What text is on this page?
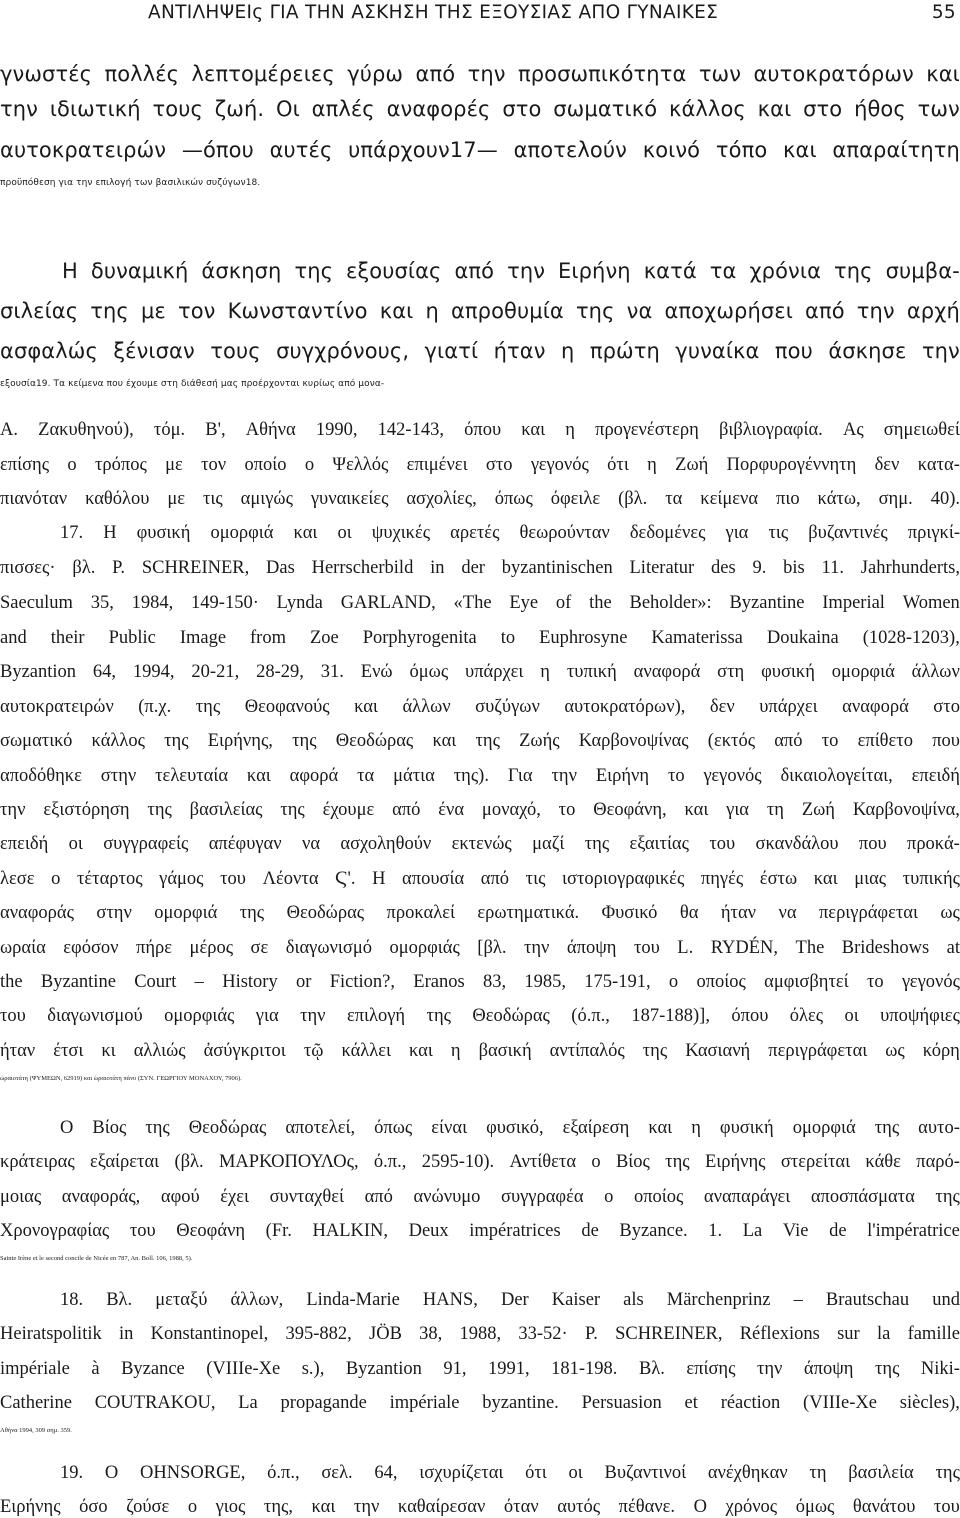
ΑΝΤΙΛΗΨΕΙς ΓΙΑ ΤΗΝ ΑΣΚΗΣΗ ΤΗΣ ΕΞΟΥΣΙΑΣ ΑΠΟ ΓΥΝΑΙΚΕΣ	55
γνωστές πολλές λεπτομέρειες γύρω από την προσωπικότητα των αυτοκρατόρων και
την ιδιωτική τους ζωή. Οι απλές αναφορές στο σωματικό κάλλος και στο ήθος των
αυτοκρατειρών —όπου αυτές υπάρχουν17— αποτελούν κοινό τόπο και απαραίτητη
προϋπόθεση για την επιλογή των βασιλικών συζύγων18.
Η δυναμική άσκηση της εξουσίας από την Ειρήνη κατά τα χρόνια της συμβα-
σιλείας της με τον Κωνσταντίνο και η απροθυμία της να αποχωρήσει από την αρχή
ασφαλώς ξένισαν τους συγχρόνους, γιατί ήταν η πρώτη γυναίκα που άσκησε την
εξουσία19. Τα κείμενα που έχουμε στη διάθεσή μας προέρχονται κυρίως από μονα-
Α. Ζακυθηνού), τόμ. Β', Αθήνα 1990, 142-143, όπου και η προγενέστερη βιβλιογραφία. Ας σημειωθεί
επίσης ο τρόπος με τον οποίο ο Ψελλός επιμένει στο γεγονός ότι η Ζωή Πορφυρογέννητη δεν κατα-
πιανόταν καθόλου με τις αμιγώς γυναικείες ασχολίες, όπως όφειλε (βλ. τα κείμενα πιο κάτω, σημ. 40).
17. Η φυσική ομορφιά και οι ψυχικές αρετές θεωρούνταν δεδομένες για τις βυζαντινές πριγκί-
πισσες· βλ. P. SCHREINER, Das Herrscherbild in der byzantinischen Literatur des 9. bis 11. Jahrhunderts,
Saeculum 35, 1984, 149-150· Lynda GARLAND, «The Eye of the Beholder»: Byzantine Imperial Women
and their Public Image from Zoe Porphyrogenita to Euphrosyne Kamaterissa Doukaina (1028-1203),
Byzantion 64, 1994, 20-21, 28-29, 31. Ενώ όμως υπάρχει η τυπική αναφορά στη φυσική ομορφιά άλλων
αυτοκρατειρών (π.χ. της Θεοφανούς και άλλων συζύγων αυτοκρατόρων), δεν υπάρχει αναφορά στο
σωματικό κάλλος της Ειρήνης, της Θεοδώρας και της Ζωής Καρβονοψίνας (εκτός από το επίθετο που
αποδόθηκε στην τελευταία και αφορά τα μάτια της). Για την Ειρήνη το γεγονός δικαιολογείται, επειδή
την εξιστόρηση της βασιλείας της έχουμε από ένα μοναχό, το Θεοφάνη, και για τη Ζωή Καρβονοψίνα,
επειδή οι συγγραφείς απέφυγαν να ασχοληθούν εκτενώς μαζί της εξαιτίας του σκανδάλου που προκά-
λεσε ο τέταρτος γάμος του Λέοντα Ϛ'. Η απουσία από τις ιστοριογραφικές πηγές έστω και μιας τυπικής
αναφοράς στην ομορφιά της Θεοδώρας προκαλεί ερωτηματικά. Φυσικό θα ήταν να περιγράφεται ως
ωραία εφόσον πήρε μέρος σε διαγωνισμό ομορφιάς [βλ. την άποψη του L. RYDÉN, The Brideshows at
the Byzantine Court – History or Fiction?, Eranos 83, 1985, 175-191, ο οποίος αμφισβητεί το γεγονός
του διαγωνισμού ομορφιάς για την επιλογή της Θεοδώρας (ό.π., 187-188)], όπου όλες οι υποψήφιες
ήταν έτσι κι αλλιώς ἀσύγκριτοι τῷ κάλλει και η βασική αντίπαλός της Κασιανή περιγράφεται ως κόρη
ὡραιοτάτη (ΨΥΜΕΩΝ, 62919) και ὡραιοτάτη πάνυ (ΣΥΝ. ΓΕΩΡΓΙΟΥ ΜΟΝΑΧΟΥ, 7906).
Ο Βίος της Θεοδώρας αποτελεί, όπως είναι φυσικό, εξαίρεση και η φυσική ομορφιά της αυτο-
κράτειρας εξαίρεται (βλ. ΜΑΡΚΟΠΟΥΛΟς, ό.π., 2595-10). Αντίθετα ο Βίος της Ειρήνης στερείται κάθε παρό-
μοιας αναφοράς, αφού έχει συνταχθεί από ανώνυμο συγγραφέα ο οποίος αναπαράγει αποσπάσματα της
Χρονογραφίας του Θεοφάνη (Fr. HALKIN, Deux impératrices de Byzance. 1. La Vie de l'impératrice
Sainte Irène et le second concile de Nicée en 787, An. Boll. 106, 1988, 5).
18. Βλ. μεταξύ άλλων, Linda-Marie HANS, Der Kaiser als Märchenprinz – Brautschau und
Heiratspolitik in Konstantinopel, 395-882, JÖB 38, 1988, 33-52· P. SCHREINER, Réflexions sur la famille
impériale à Byzance (VIIIe-Xe s.), Byzantion 91, 1991, 181-198. Βλ. επίσης την άποψη της Niki-
Catherine COUTRAKOU, La propagande impériale byzantine. Persuasion et réaction (VIIIe-Xe siècles),
Αθήνα 1994, 309 σημ. 359.
19. Ο OHNSORGE, ό.π., σελ. 64, ισχυρίζεται ότι οι Βυζαντινοί ανέχθηκαν τη βασιλεία της
Ειρήνης όσο ζούσε ο γιος της, και την καθαίρεσαν όταν αυτός πέθανε. Ο χρόνος όμως θανάτου του
